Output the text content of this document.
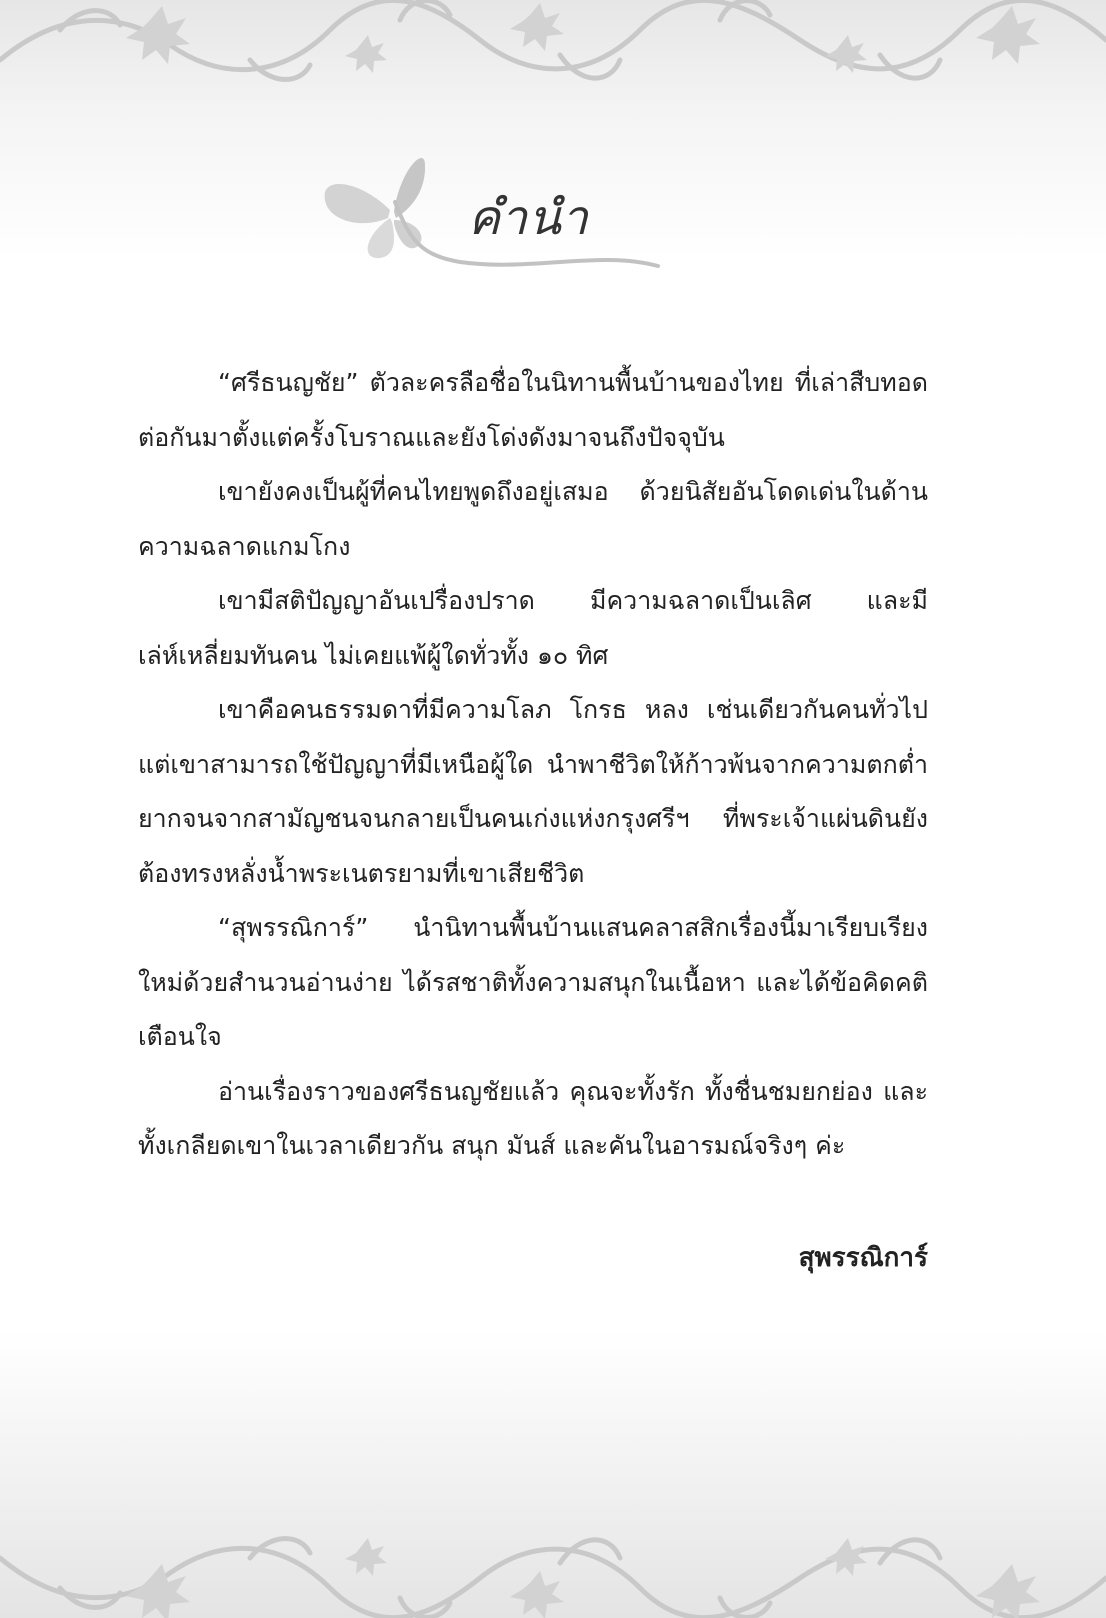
คำนำ

“ศรีธนญชัย” ตัวละครลือชื่อในนิทานพื้นบ้านของไทย ที่เล่าสืบทอดต่อกันมาตั้งแต่ครั้งโบราณและยังโด่งดังมาจนถึงปัจจุบัน

เขายังคงเป็นผู้ที่คนไทยพูดถึงอยู่เสมอ ด้วยนิสัยอันโดดเด่นในด้านความฉลาดแกมโกง

เขามีสติปัญญาอันเปรื่องปราด มีความฉลาดเป็นเลิศ และมีเล่ห์เหลี่ยมทันคน ไม่เคยแพ้ผู้ใดทั่วทั้ง ๑๐ ทิศ

เขาคือคนธรรมดาที่มีความโลภ โกรธ หลง เช่นเดียวกันคนทั่วไป แต่เขาสามารถใช้ปัญญาที่มีเหนือผู้ใด นำพาชีวิตให้ก้าวพ้นจากความตกต่ำยากจนจากสามัญชนจนกลายเป็นคนเก่งแห่งกรุงศรีฯ ที่พระเจ้าแผ่นดินยังต้องทรงหลั่งน้ำพระเนตรยามที่เขาเสียชีวิต

“สุพรรณิการ์” นำนิทานพื้นบ้านแสนคลาสสิกเรื่องนี้มาเรียบเรียงใหม่ด้วยสำนวนอ่านง่าย ได้รสชาติทั้งความสนุกในเนื้อหา และได้ข้อคิดคติเตือนใจ

อ่านเรื่องราวของศรีธนญชัยแล้ว คุณจะทั้งรัก ทั้งชื่นชมยกย่อง และทั้งเกลียดเขาในเวลาเดียวกัน สนุก มันส์ และคันในอารมณ์จริงๆ ค่ะ

สุพรรณิการ์
